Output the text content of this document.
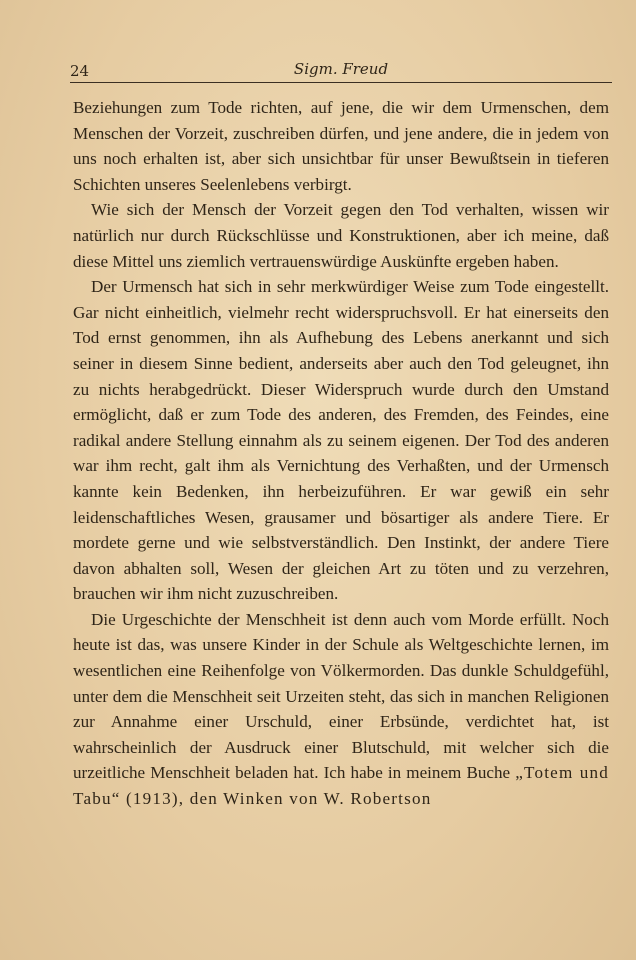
24	Sigm. Freud

Beziehungen zum Tode richten, auf jene, die wir dem Urmenschen, dem Menschen der Vorzeit, zuschreiben dürfen, und jene andere, die in jedem von uns noch erhalten ist, aber sich unsichtbar für unser Bewußtsein in tieferen Schichten unseres Seelenlebens verbirgt.

Wie sich der Mensch der Vorzeit gegen den Tod verhalten, wissen wir natürlich nur durch Rückschlüsse und Konstruktionen, aber ich meine, daß diese Mittel uns ziemlich vertrauenswürdige Auskünfte ergeben haben.

Der Urmensch hat sich in sehr merkwürdiger Weise zum Tode eingestellt. Gar nicht einheitlich, vielmehr recht widerspruchsvoll. Er hat einerseits den Tod ernst genommen, ihn als Aufhebung des Lebens anerkannt und sich seiner in diesem Sinne bedient, anderseits aber auch den Tod geleugnet, ihn zu nichts herabgedrückt. Dieser Widerspruch wurde durch den Umstand ermöglicht, daß er zum Tode des anderen, des Fremden, des Feindes, eine radikal andere Stellung einnahm als zu seinem eigenen. Der Tod des anderen war ihm recht, galt ihm als Vernichtung des Verhaßten, und der Urmensch kannte kein Bedenken, ihn herbeizuführen. Er war gewiß ein sehr leidenschaftliches Wesen, grausamer und bösartiger als andere Tiere. Er mordete gerne und wie selbstverständlich. Den Instinkt, der andere Tiere davon abhalten soll, Wesen der gleichen Art zu töten und zu verzehren, brauchen wir ihm nicht zuzuschreiben.

Die Urgeschichte der Menschheit ist denn auch vom Morde erfüllt. Noch heute ist das, was unsere Kinder in der Schule als Weltgeschichte lernen, im wesentlichen eine Reihenfolge von Völkermorden. Das dunkle Schuldgefühl, unter dem die Menschheit seit Urzeiten steht, das sich in manchen Religionen zur Annahme einer Urschuld, einer Erbsünde, verdichtet hat, ist wahrscheinlich der Ausdruck einer Blutschuld, mit welcher sich die urzeitliche Menschheit beladen hat. Ich habe in meinem Buche „Totem und Tabu“ (1913), den Winken von W. Robertson
